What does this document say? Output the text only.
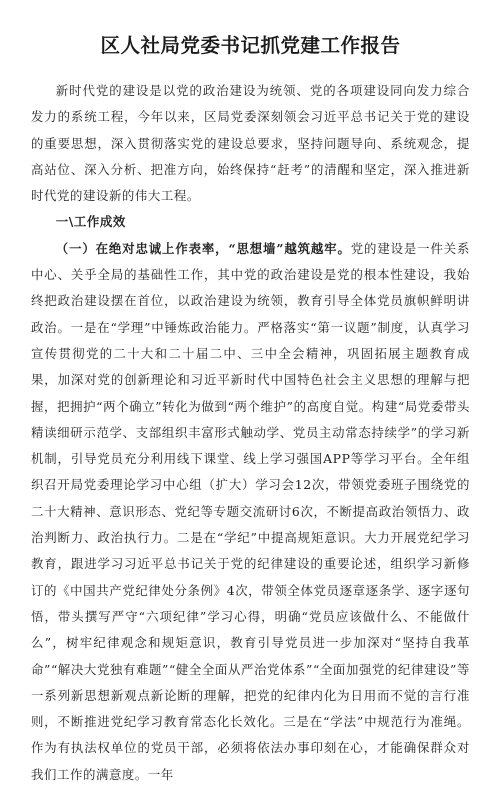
区人社局党委书记抓党建工作报告

新时代党的建设是以党的政治建设为统领、党的各项建设同向发力综合发力的系统工程，今年以来，区局党委深刻领会习近平总书记关于党的建设的重要思想，深入贯彻落实党的建设总要求，坚持问题导向、系统观念，提高站位、深入分析、把准方向，始终保持“赶考”的清醒和坚定，深入推进新时代党的建设新的伟大工程。

一\工作成效

（一）在绝对忠诚上作表率，“思想墙”越筑越牢。党的建设是一件关系中心、关乎全局的基础性工作，其中党的政治建设是党的根本性建设，我始终把政治建设摆在首位，以政治建设为统领，教育引导全体党员旗帜鲜明讲政治。一是在“学理”中锤炼政治能力。严格落实“第一议题”制度，认真学习宣传贯彻党的二十大和二十届二中、三中全会精神，巩固拓展主题教育成果，加深对党的创新理论和习近平新时代中国特色社会主义思想的理解与把握，把拥护“两个确立”转化为做到“两个维护”的高度自觉。构建“局党委带头精读细研示范学、支部组织丰富形式触动学、党员主动常态持续学”的学习新机制，引导党员充分利用线下课堂、线上学习强国APP等学习平台。全年组织召开局党委理论学习中心组（扩大）学习会12次，带领党委班子围绕党的二十大精神、意识形态、党纪等专题交流研讨6次，不断提高政治领悟力、政治判断力、政治执行力。二是在“学纪”中提高规矩意识。大力开展党纪学习教育，跟进学习习近平总书记关于党的纪律建设的重要论述，组织学习新修订的《中国共产党纪律处分条例》4次，带领全体党员逐章逐条学、逐字逐句悟，带头撰写严守“六项纪律”学习心得，明确“党员应该做什么、不能做什么”，树牢纪律观念和规矩意识，教育引导党员进一步加深对“坚持自我革命”“解决大党独有难题”“健全全面从严治党体系”“全面加强党的纪律建设”等一系列新思想新观点新论断的理解，把党的纪律内化为日用而不觉的言行准则，不断推进党纪学习教育常态化长效化。三是在“学法”中规范行为准绳。作为有执法权单位的党员干部，必须将依法办事印刻在心，才能确保群众对我们工作的满意度。一年
